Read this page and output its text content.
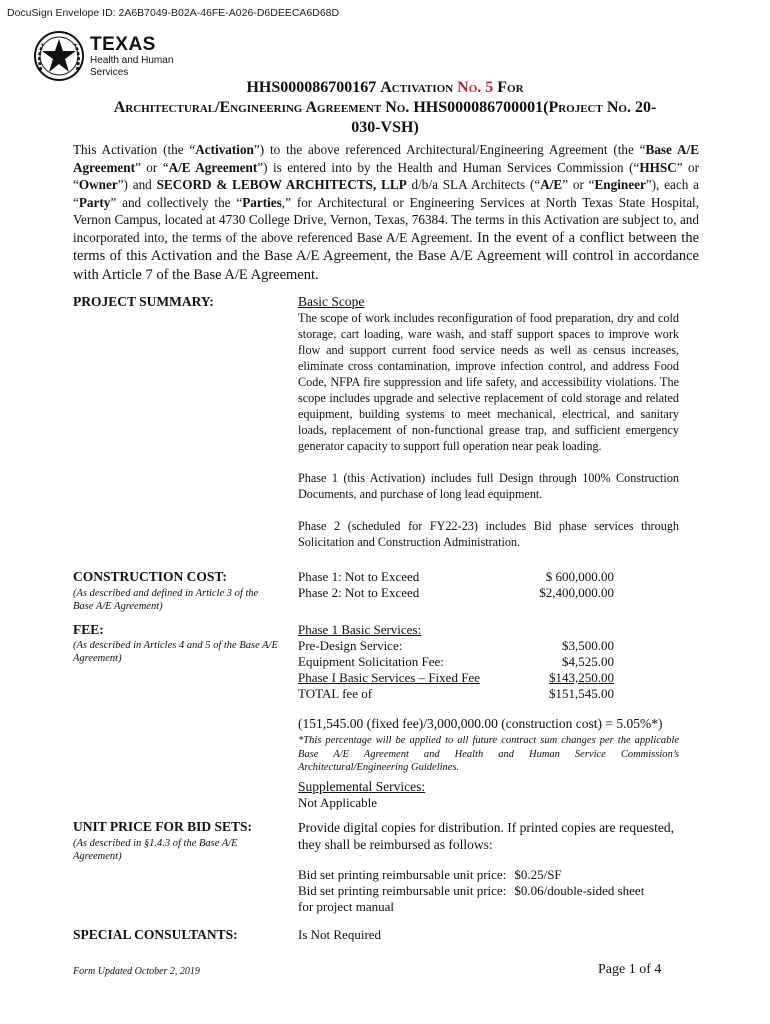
DocuSign Envelope ID: 2A6B7049-B02A-46FE-A026-D6DEECA6D68D
TEXAS
Health and Human
Services
HHS000086700167 Activation No. 5 For
Architectural/Engineering Agreement No. HHS000086700001(Project No. 20-
030-VSH)

This Activation (the “Activation”) to the above referenced Architectural/Engineering Agreement (the “Base A/E Agreement” or “A/E Agreement”) is entered into by the Health and Human Services Commission (“HHSC” or “Owner”) and SECORD & LEBOW ARCHITECTS, LLP d/b/a SLA Architects (“A/E” or “Engineer”), each a “Party” and collectively the “Parties,” for Architectural or Engineering Services at North Texas State Hospital, Vernon Campus, located at 4730 College Drive, Vernon, Texas, 76384. The terms in this Activation are subject to, and incorporated into, the terms of the above referenced Base A/E Agreement. In the event of a conflict between the terms of this Activation and the Base A/E Agreement, the Base A/E Agreement will control in accordance with Article 7 of the Base A/E Agreement.

PROJECT SUMMARY:	Basic Scope

The scope of work includes reconfiguration of food preparation, dry and cold storage, cart loading, ware wash, and staff support spaces to improve work flow and support current food service needs as well as census increases, eliminate cross contamination, improve infection control, and address Food Code, NFPA fire suppression and life safety, and accessibility violations. The scope includes upgrade and selective replacement of cold storage and related equipment, building systems to meet mechanical, electrical, and sanitary loads, replacement of non-functional grease trap, and sufficient emergency generator capacity to support full operation near peak loading.

Phase 1 (this Activation) includes full Design through 100% Construction Documents, and purchase of long lead equipment.

Phase 2 (scheduled for FY22-23) includes Bid phase services through Solicitation and Construction Administration.

CONSTRUCTION COST:
(As described and defined in Article 3 of the Base A/E Agreement)
Phase 1: Not to Exceed	$ 600,000.00
Phase 2: Not to Exceed	$2,400,000.00
FEE:
(As described in Articles 4 and 5 of the Base A/E Agreement)

Phase 1 Basic Services:

Pre-Design Service:	$3,500.00
Equipment Solicitation Fee:	$4,525.00
Phase I Basic Services – Fixed Fee	$143,250.00
TOTAL fee of	$151,545.00

(151,545.00 (fixed fee)/3,000,000.00 (construction cost) = 5.05%*)

*This percentage will be applied to all future contract sum changes per the applicable Base A/E Agreement and Health and Human Service Commission’s Architectural/Engineering Guidelines.

Supplemental Services:

Not Applicable

UNIT PRICE FOR BID SETS:
(As described in §1.4.3 of the Base A/E Agreement)

Provide digital copies for distribution. If printed copies are requested, they shall be reimbursed as follows:

Bid set printing reimbursable unit price: $0.25/SF
Bid set printing reimbursable unit price: $0.06/double-sided sheet
for project manual
SPECIAL CONSULTANTS:	Is Not Required
Form Updated October 2, 2019	Page 1 of 4
